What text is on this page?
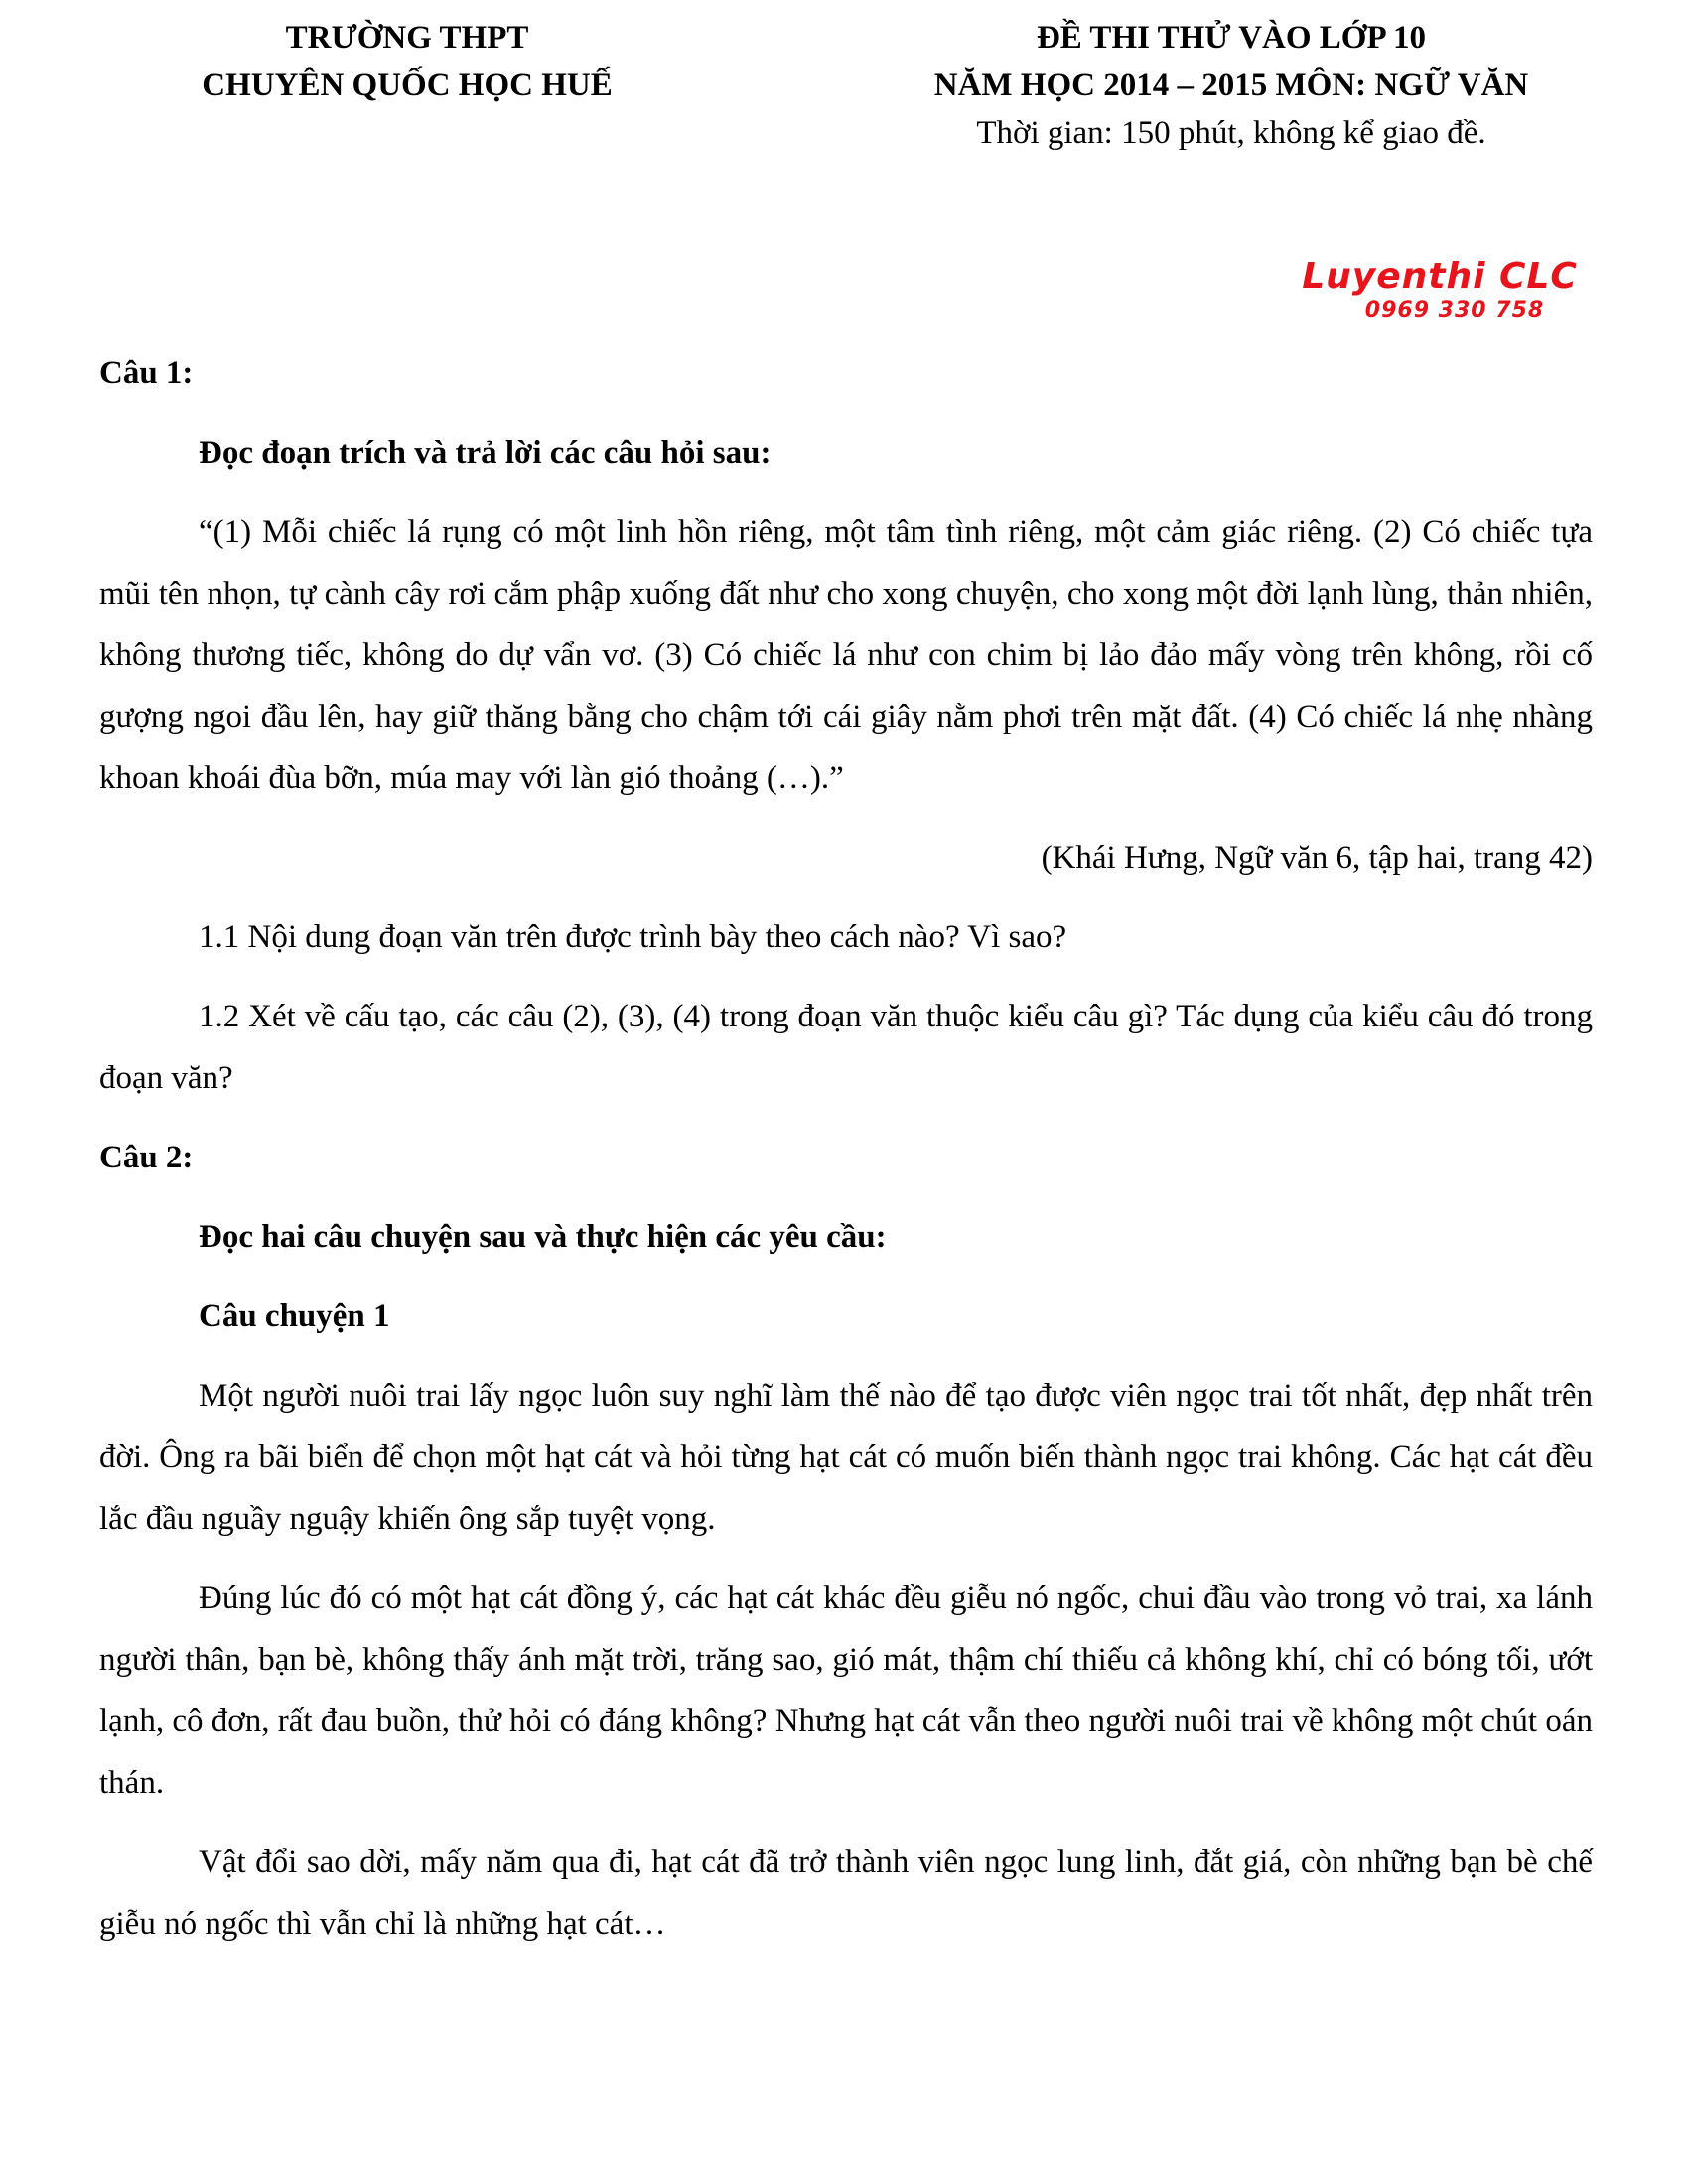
TRƯỜNG THPT
CHUYÊN QUỐC HỌC HUẾ
ĐỀ THI THỬ VÀO LỚP 10
NĂM HỌC 2014 – 2015 MÔN: NGỮ VĂN
Thời gian: 150 phút, không kể giao đề.
Luyenthi CLC
0969 330 758

Câu 1:

Đọc đoạn trích và trả lời các câu hỏi sau:

“(1) Mỗi chiếc lá rụng có một linh hồn riêng, một tâm tình riêng, một cảm giác riêng. (2) Có chiếc tựa mũi tên nhọn, tự cành cây rơi cắm phập xuống đất như cho xong chuyện, cho xong một đời lạnh lùng, thản nhiên, không thương tiếc, không do dự vẩn vơ. (3) Có chiếc lá như con chim bị lảo đảo mấy vòng trên không, rồi cố gượng ngoi đầu lên, hay giữ thăng bằng cho chậm tới cái giây nằm phơi trên mặt đất. (4) Có chiếc lá nhẹ nhàng khoan khoái đùa bỡn, múa may với làn gió thoảng (…).”

(Khái Hưng, Ngữ văn 6, tập hai, trang 42)

1.1 Nội dung đoạn văn trên được trình bày theo cách nào? Vì sao?

1.2 Xét về cấu tạo, các câu (2), (3), (4) trong đoạn văn thuộc kiểu câu gì? Tác dụng của kiểu câu đó trong đoạn văn?

Câu 2:

Đọc hai câu chuyện sau và thực hiện các yêu cầu:

Câu chuyện 1

Một người nuôi trai lấy ngọc luôn suy nghĩ làm thế nào để tạo được viên ngọc trai tốt nhất, đẹp nhất trên đời. Ông ra bãi biển để chọn một hạt cát và hỏi từng hạt cát có muốn biến thành ngọc trai không. Các hạt cát đều lắc đầu nguầy nguậy khiến ông sắp tuyệt vọng.

Đúng lúc đó có một hạt cát đồng ý, các hạt cát khác đều giễu nó ngốc, chui đầu vào trong vỏ trai, xa lánh người thân, bạn bè, không thấy ánh mặt trời, trăng sao, gió mát, thậm chí thiếu cả không khí, chỉ có bóng tối, ướt lạnh, cô đơn, rất đau buồn, thử hỏi có đáng không? Nhưng hạt cát vẫn theo người nuôi trai về không một chút oán thán.

Vật đổi sao dời, mấy năm qua đi, hạt cát đã trở thành viên ngọc lung linh, đắt giá, còn những bạn bè chế giễu nó ngốc thì vẫn chỉ là những hạt cát…
